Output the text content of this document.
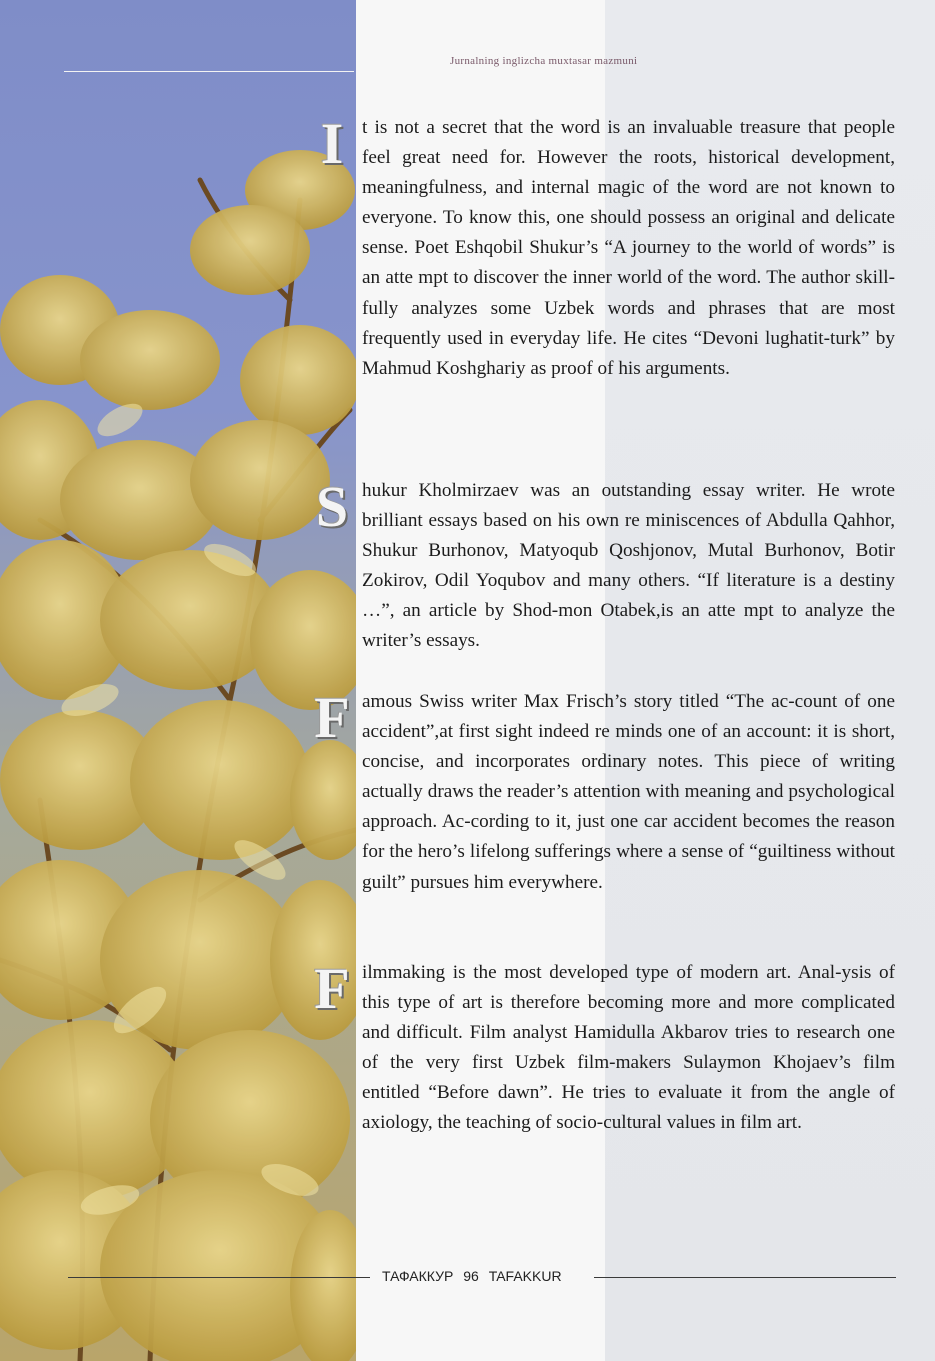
Jurnalning inglizcha muxtasar mazmuni
I t is not a secret that the word is an invaluable treasure that people feel great need for. However the roots, historical development, meaningfulness, and internal magic of the word are not known to everyone. To know this, one should possess an original and delicate sense. Poet Eshqobil Shukur’s “A journey to the world of words” is an atte mpt to discover the inner world of the word. The author skill-fully analyzes some Uzbek words and phrases that are most frequently used in everyday life. He cites “Devoni lughatit-turk” by Mahmud Koshghariy as proof of his arguments.
S hukur Kholmirzaev was an outstanding essay writer. He wrote brilliant essays based on his own re miniscences of Abdulla Qahhor, Shukur Burhonov, Matyoqub Qoshjonov, Mutal Burhonov, Botir Zokirov, Odil Yoqubov and many others. “If literature is a destiny …”, an article by Shod-mon Otabek,is an atte mpt to analyze the writer’s essays.
F amous Swiss writer Max Frisch’s story titled “The ac-count of one accident”,at first sight indeed re minds one of an account: it is short, concise, and incorporates ordinary notes. This piece of writing actually draws the reader’s attention with meaning and psychological approach. Ac-cording to it, just one car accident becomes the reason for the hero’s lifelong sufferings where a sense of “guiltiness without guilt” pursues him everywhere.
F ilmmaking is the most developed type of modern art. Anal-ysis of this type of art is therefore becoming more and more complicated and difficult. Film analyst Hamidulla Akbarov tries to research one of the very first Uzbek film-makers Sulaymon Khojaev’s film entitled “Before dawn”. He tries to evaluate it from the angle of axiology, the teaching of socio-cultural values in film art.
ТАФАККУР 96 TAFAKKUR
